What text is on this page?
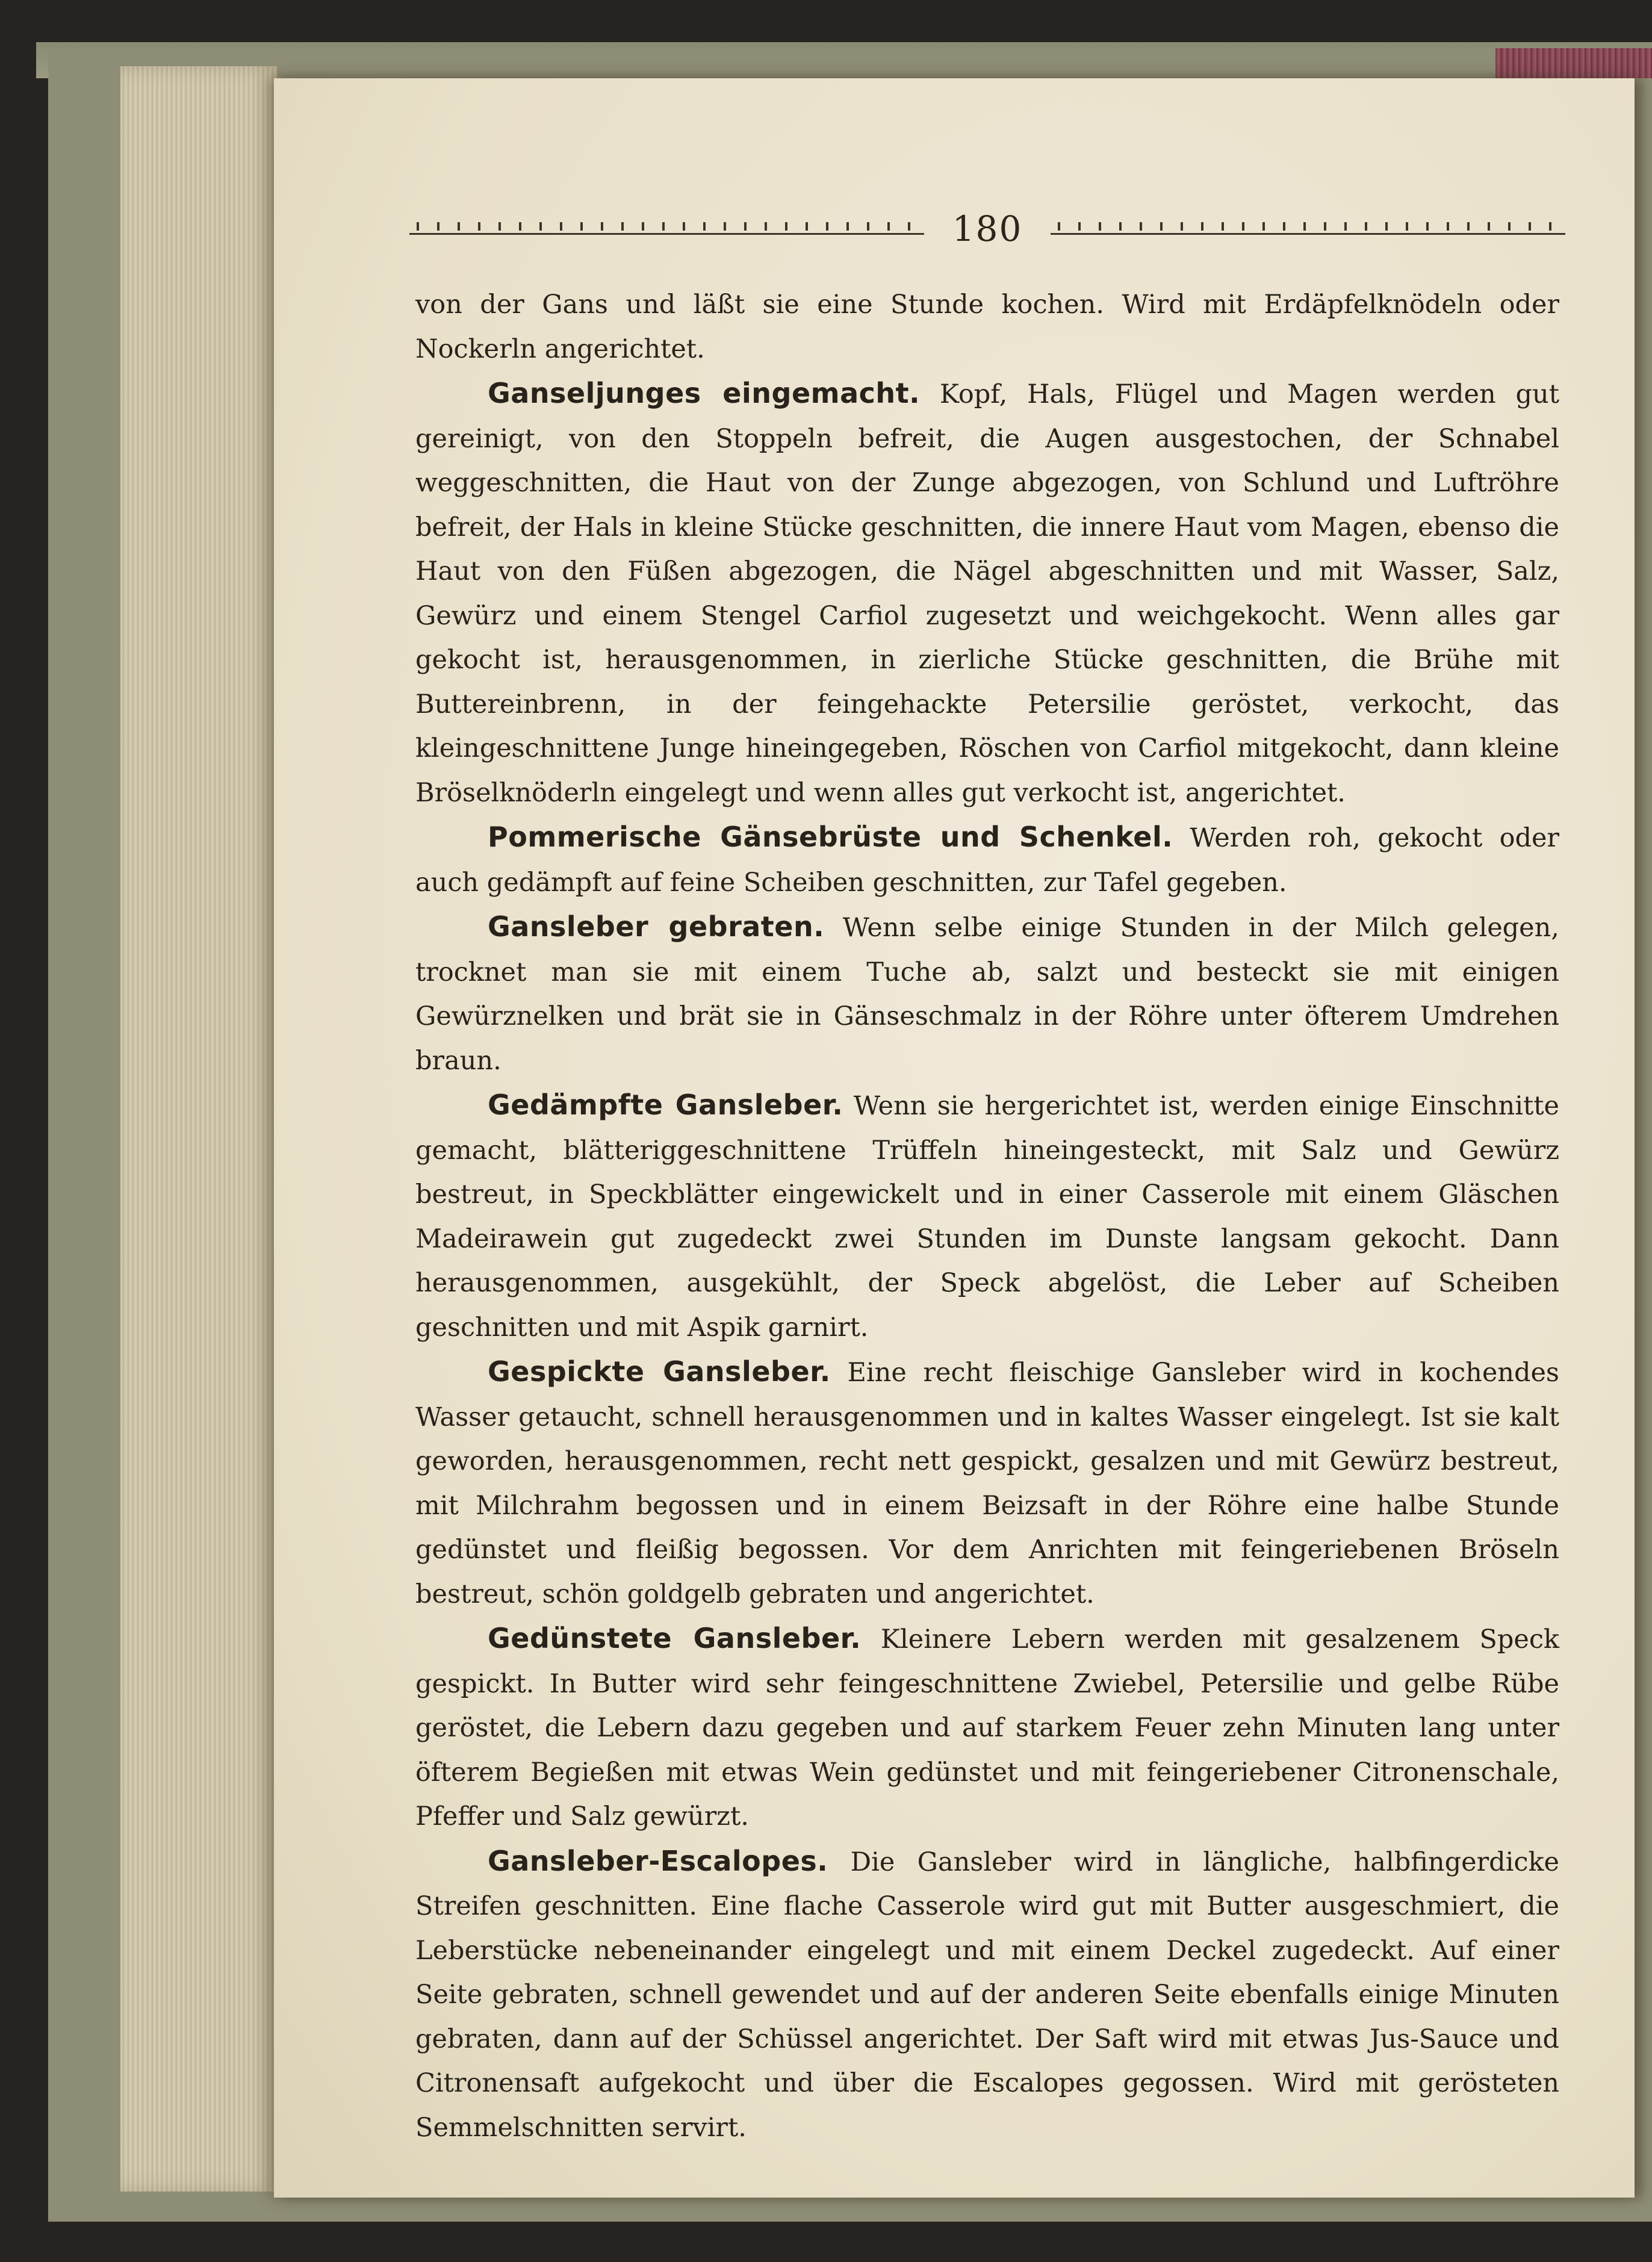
180

von der Gans und läßt sie eine Stunde kochen. Wird mit Erdäpfelknödeln oder Nockerln angerichtet.

Ganseljunges eingemacht. Kopf, Hals, Flügel und Magen werden gut gereinigt, von den Stoppeln befreit, die Augen ausgestochen, der Schnabel weggeschnitten, die Haut von der Zunge abgezogen, von Schlund und Luftröhre befreit, der Hals in kleine Stücke geschnitten, die innere Haut vom Magen, ebenso die Haut von den Füßen abgezogen, die Nägel abgeschnitten und mit Wasser, Salz, Gewürz und einem Stengel Carfiol zugesetzt und weichgekocht. Wenn alles gar gekocht ist, herausgenommen, in zierliche Stücke geschnitten, die Brühe mit Buttereinbrenn, in der feingehackte Petersilie geröstet, verkocht, das kleingeschnittene Junge hineingegeben, Röschen von Carfiol mitgekocht, dann kleine Bröselknöderln eingelegt und wenn alles gut verkocht ist, angerichtet.

Pommerische Gänsebrüste und Schenkel. Werden roh, gekocht oder auch gedämpft auf feine Scheiben geschnitten, zur Tafel gegeben.

Gansleber gebraten. Wenn selbe einige Stunden in der Milch gelegen, trocknet man sie mit einem Tuche ab, salzt und besteckt sie mit einigen Gewürznelken und brät sie in Gänseschmalz in der Röhre unter öfterem Umdrehen braun.

Gedämpfte Gansleber. Wenn sie hergerichtet ist, werden einige Einschnitte gemacht, blätteriggeschnittene Trüffeln hineingesteckt, mit Salz und Gewürz bestreut, in Speckblätter eingewickelt und in einer Casserole mit einem Gläschen Madeirawein gut zugedeckt zwei Stunden im Dunste langsam gekocht. Dann herausgenommen, ausgekühlt, der Speck abgelöst, die Leber auf Scheiben geschnitten und mit Aspik garnirt.

Gespickte Gansleber. Eine recht fleischige Gansleber wird in kochendes Wasser getaucht, schnell herausgenommen und in kaltes Wasser eingelegt. Ist sie kalt geworden, herausgenommen, recht nett gespickt, gesalzen und mit Gewürz bestreut, mit Milchrahm begossen und in einem Beizsaft in der Röhre eine halbe Stunde gedünstet und fleißig begossen. Vor dem Anrichten mit feingeriebenen Bröseln bestreut, schön goldgelb gebraten und angerichtet.

Gedünstete Gansleber. Kleinere Lebern werden mit gesalzenem Speck gespickt. In Butter wird sehr feingeschnittene Zwiebel, Petersilie und gelbe Rübe geröstet, die Lebern dazu gegeben und auf starkem Feuer zehn Minuten lang unter öfterem Begießen mit etwas Wein gedünstet und mit feingeriebener Citronenschale, Pfeffer und Salz gewürzt.

Gansleber-Escalopes. Die Gansleber wird in längliche, halbfingerdicke Streifen geschnitten. Eine flache Casserole wird gut mit Butter ausgeschmiert, die Leberstücke nebeneinander eingelegt und mit einem Deckel zugedeckt. Auf einer Seite gebraten, schnell gewendet und auf der anderen Seite ebenfalls einige Minuten gebraten, dann auf der Schüssel angerichtet. Der Saft wird mit etwas Jus-Sauce und Citronensaft aufgekocht und über die Escalopes gegossen. Wird mit gerösteten Semmelschnitten servirt.
